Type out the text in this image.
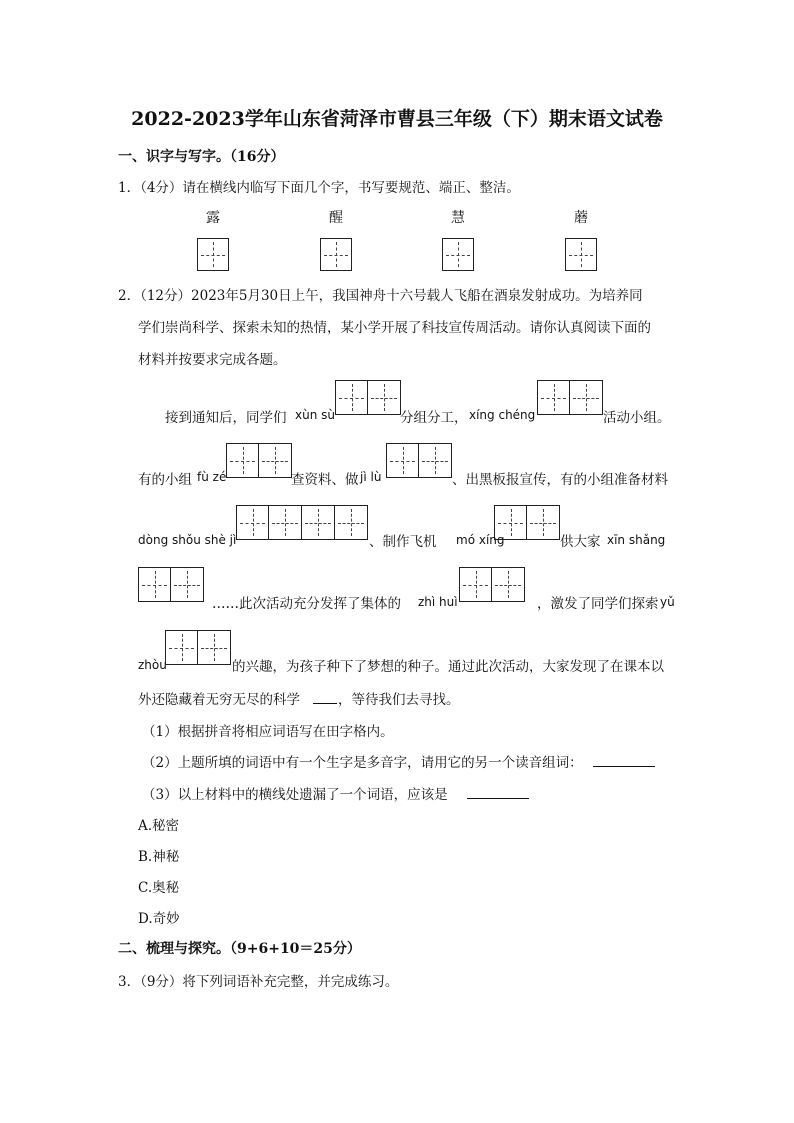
2022-2023学年山东省菏泽市曹县三年级（下）期末语文试卷
一、识字与写字。（16分）
1．（4分）请在横线内临写下面几个字，书写要规范、端正、整洁。
露	醒	慧	蘑
2．（12分）2023年5月30日上午，我国神舟十六号载人飞船在酒泉发射成功。为培养同
学们崇尚科学、探索未知的热情，某小学开展了科技宣传周活动。请你认真阅读下面的
材料并按要求完成各题。
接到通知后，同学们 xùn sù	分组分工， xíng chéng	活动小组。
有的小组 fù zé	查资料、做 jì lù	、出黑板报宣传，有的小组准备材料
dòng shǒu shè jì	、制作飞机 mó xíng	供大家 xīn shǎng
……此次活动充分发挥了集体的 zhì huì	，激发了同学们探索 yǔ
zhòu	的兴趣，为孩子种下了梦想的种子。通过此次活动，大家发现了在课本以
外还隐藏着无穷无尽的科学	，等待我们去寻找。
（1）根据拼音将相应词语写在田字格内。
（2）上题所填的词语中有一个生字是多音字，请用它的另一个读音组词：
（3）以上材料中的横线处遗漏了一个词语，应该是
A.秘密
B.神秘
C.奥秘
D.奇妙
二、梳理与探究。（9+6+10＝25分）
3．（9分）将下列词语补充完整，并完成练习。
